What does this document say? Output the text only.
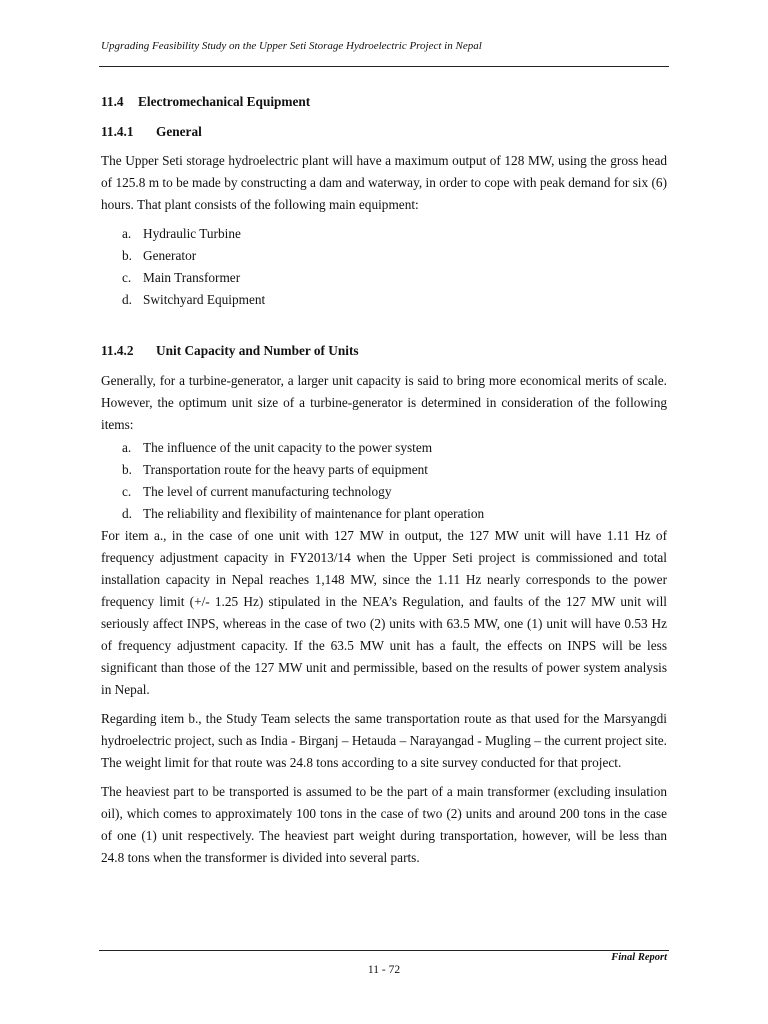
Upgrading Feasibility Study on the Upper Seti Storage Hydroelectric Project in Nepal
11.4 Electromechanical Equipment
11.4.1 General

The Upper Seti storage hydroelectric plant will have a maximum output of 128 MW, using the gross head of 125.8 m to be made by constructing a dam and waterway, in order to cope with peak demand for six (6) hours. That plant consists of the following main equipment:

a. Hydraulic Turbine
b. Generator
c. Main Transformer
d. Switchyard Equipment
11.4.2 Unit Capacity and Number of Units

Generally, for a turbine-generator, a larger unit capacity is said to bring more economical merits of scale. However, the optimum unit size of a turbine-generator is determined in consideration of the following items:

a. The influence of the unit capacity to the power system
b. Transportation route for the heavy parts of equipment
c. The level of current manufacturing technology
d. The reliability and flexibility of maintenance for plant operation

For item a., in the case of one unit with 127 MW in output, the 127 MW unit will have 1.11 Hz of frequency adjustment capacity in FY2013/14 when the Upper Seti project is commissioned and total installation capacity in Nepal reaches 1,148 MW, since the 1.11 Hz nearly corresponds to the power frequency limit (+/- 1.25 Hz) stipulated in the NEA’s Regulation, and faults of the 127 MW unit will seriously affect INPS, whereas in the case of two (2) units with 63.5 MW, one (1) unit will have 0.53 Hz of frequency adjustment capacity. If the 63.5 MW unit has a fault, the effects on INPS will be less significant than those of the 127 MW unit and permissible, based on the results of power system analysis in Nepal.

Regarding item b., the Study Team selects the same transportation route as that used for the Marsyangdi hydroelectric project, such as India - Birganj – Hetauda – Narayangad - Mugling – the current project site. The weight limit for that route was 24.8 tons according to a site survey conducted for that project.

The heaviest part to be transported is assumed to be the part of a main transformer (excluding insulation oil), which comes to approximately 100 tons in the case of two (2) units and around 200 tons in the case of one (1) unit respectively. The heaviest part weight during transportation, however, will be less than 24.8 tons when the transformer is divided into several parts.

Final Report
11 - 72
